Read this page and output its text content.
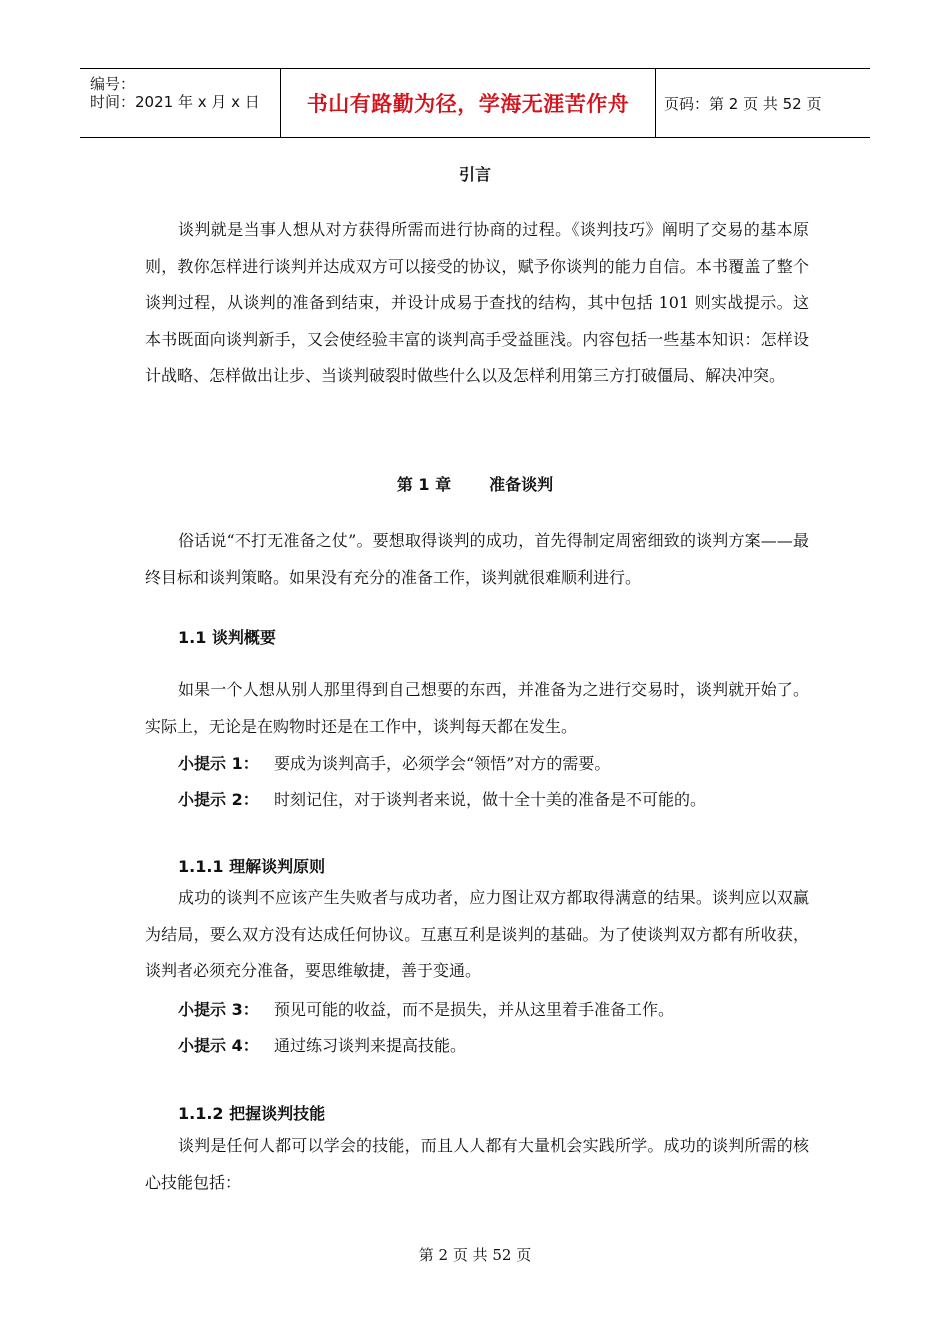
编号：
时间：2021 年 x 月 x 日 书山有路勤为径，学海无涯苦作舟	页码：第 2 页 共 52 页
引言

谈判就是当事人想从对方获得所需而进行协商的过程。《谈判技巧》阐明了交易的基本原则，教你怎样进行谈判并达成双方可以接受的协议，赋予你谈判的能力自信。本书覆盖了整个谈判过程，从谈判的准备到结束，并设计成易于查找的结构，其中包括 101 则实战提示。这本书既面向谈判新手，又会使经验丰富的谈判高手受益匪浅。内容包括一些基本知识：怎样设计战略、怎样做出让步、当谈判破裂时做些什么以及怎样利用第三方打破僵局、解决冲突。

第 1 章 准备谈判

俗话说“不打无准备之仗”。要想取得谈判的成功，首先得制定周密细致的谈判方案——最终目标和谈判策略。如果没有充分的准备工作，谈判就很难顺利进行。

1.1 谈判概要

如果一个人想从别人那里得到自己想要的东西，并准备为之进行交易时，谈判就开始了。实际上，无论是在购物时还是在工作中，谈判每天都在发生。

小提示 1： 要成为谈判高手，必须学会“领悟”对方的需要。
小提示 2： 时刻记住，对于谈判者来说，做十全十美的准备是不可能的。
1.1.1 理解谈判原则

成功的谈判不应该产生失败者与成功者，应力图让双方都取得满意的结果。谈判应以双赢为结局，要么双方没有达成任何协议。互惠互利是谈判的基础。为了使谈判双方都有所收获，谈判者必须充分准备，要思维敏捷，善于变通。

小提示 3： 预见可能的收益，而不是损失，并从这里着手准备工作。
小提示 4： 通过练习谈判来提高技能。
1.1.2 把握谈判技能

谈判是任何人都可以学会的技能，而且人人都有大量机会实践所学。成功的谈判所需的核心技能包括：

第 2 页 共 52 页
